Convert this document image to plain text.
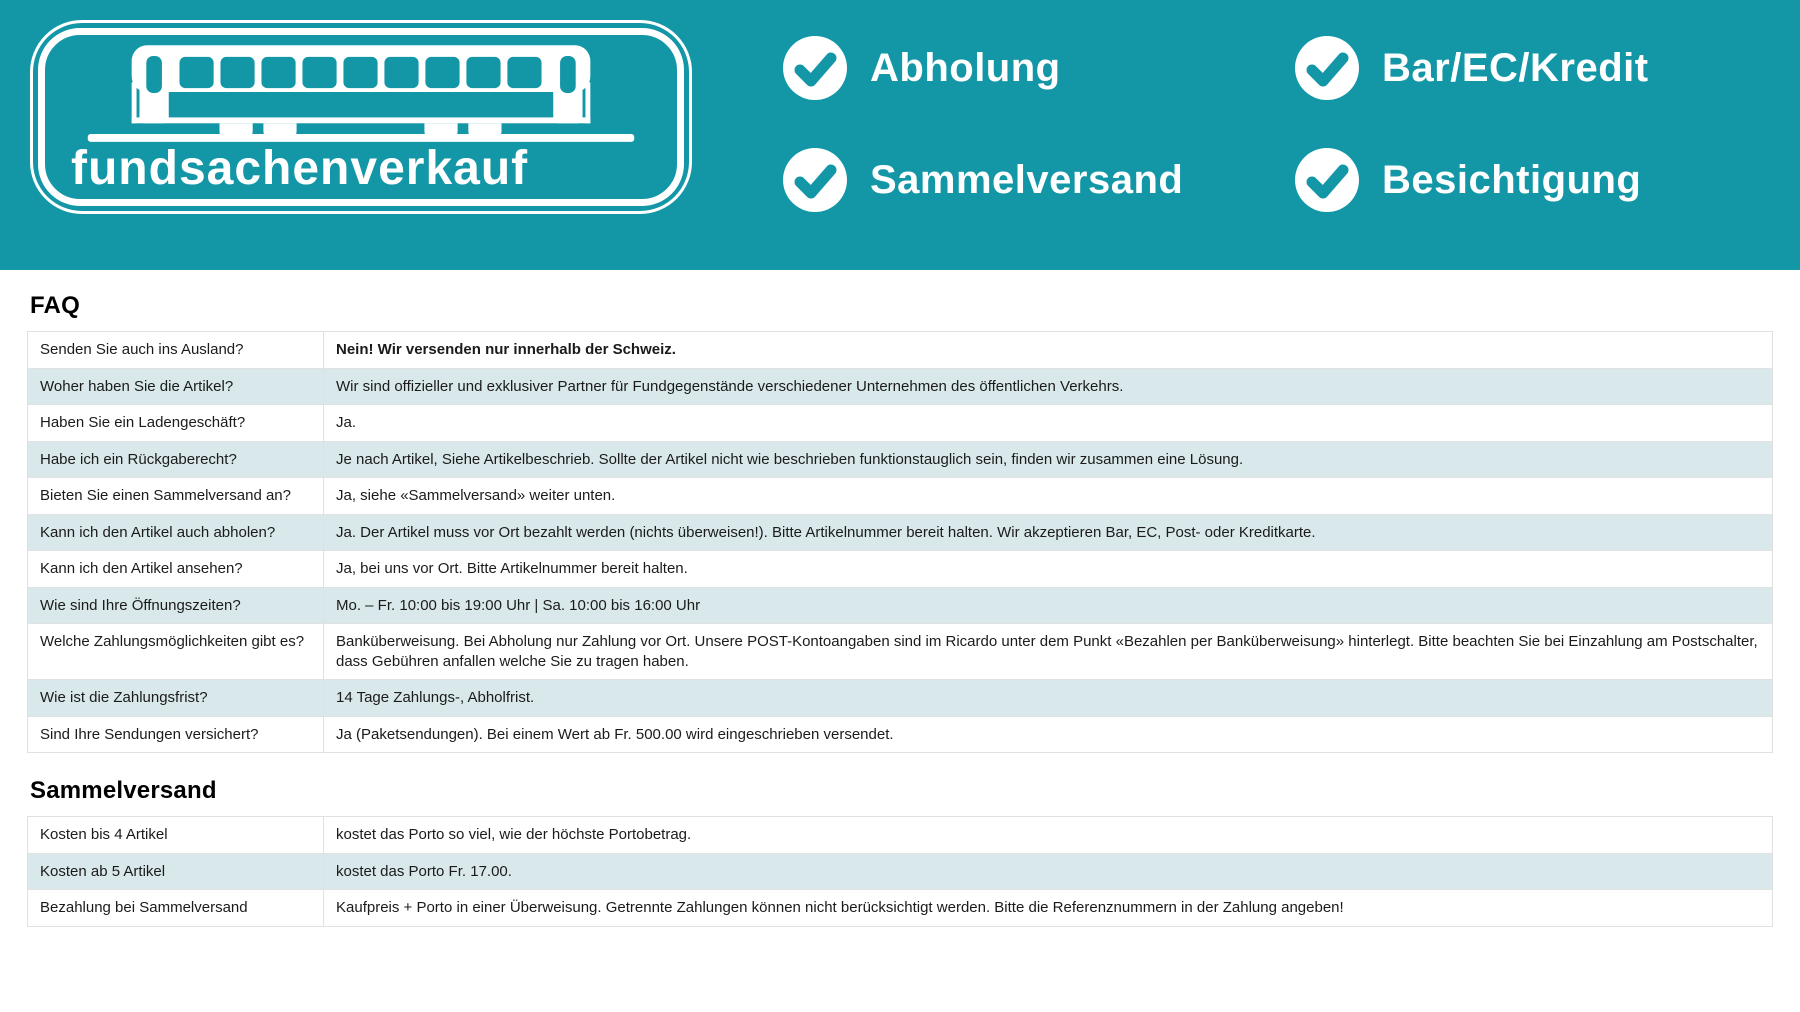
fundsachenverkauf
Abholung	Bar/EC/Kredit
Sammelversand	Besichtigung
FAQ
Senden Sie auch ins Ausland?	Nein! Wir versenden nur innerhalb der Schweiz.
Woher haben Sie die Artikel?	Wir sind offizieller und exklusiver Partner für Fundgegenstände verschiedener Unternehmen des öffentlichen Verkehrs.
Haben Sie ein Ladengeschäft?	Ja.
Habe ich ein Rückgaberecht?	Je nach Artikel, Siehe Artikelbeschrieb. Sollte der Artikel nicht wie beschrieben funktionstauglich sein, finden wir zusammen eine Lösung.
Bieten Sie einen Sammelversand an?	Ja, siehe «Sammelversand» weiter unten.
Kann ich den Artikel auch abholen?	Ja. Der Artikel muss vor Ort bezahlt werden (nichts überweisen!). Bitte Artikelnummer bereit halten. Wir akzeptieren Bar, EC, Post- oder Kreditkarte.
Kann ich den Artikel ansehen?	Ja, bei uns vor Ort. Bitte Artikelnummer bereit halten.
Wie sind Ihre Öffnungszeiten?	Mo. – Fr. 10:00 bis 19:00 Uhr | Sa. 10:00 bis 16:00 Uhr
Welche Zahlungsmöglichkeiten gibt es?	Banküberweisung. Bei Abholung nur Zahlung vor Ort. Unsere POST-Kontoangaben sind im Ricardo unter dem Punkt «Bezahlen per Banküberweisung» hinterlegt. Bitte beachten Sie bei Einzahlung am Postschalter, dass Gebühren anfallen welche Sie zu tragen haben.
Wie ist die Zahlungsfrist?	14 Tage Zahlungs-, Abholfrist.
Sind Ihre Sendungen versichert?	Ja (Paketsendungen). Bei einem Wert ab Fr. 500.00 wird eingeschrieben versendet.
Sammelversand
Kosten bis 4 Artikel	kostet das Porto so viel, wie der höchste Portobetrag.
Kosten ab 5 Artikel	kostet das Porto Fr. 17.00.
Bezahlung bei Sammelversand	Kaufpreis + Porto in einer Überweisung. Getrennte Zahlungen können nicht berücksichtigt werden. Bitte die Referenznummern in der Zahlung angeben!
